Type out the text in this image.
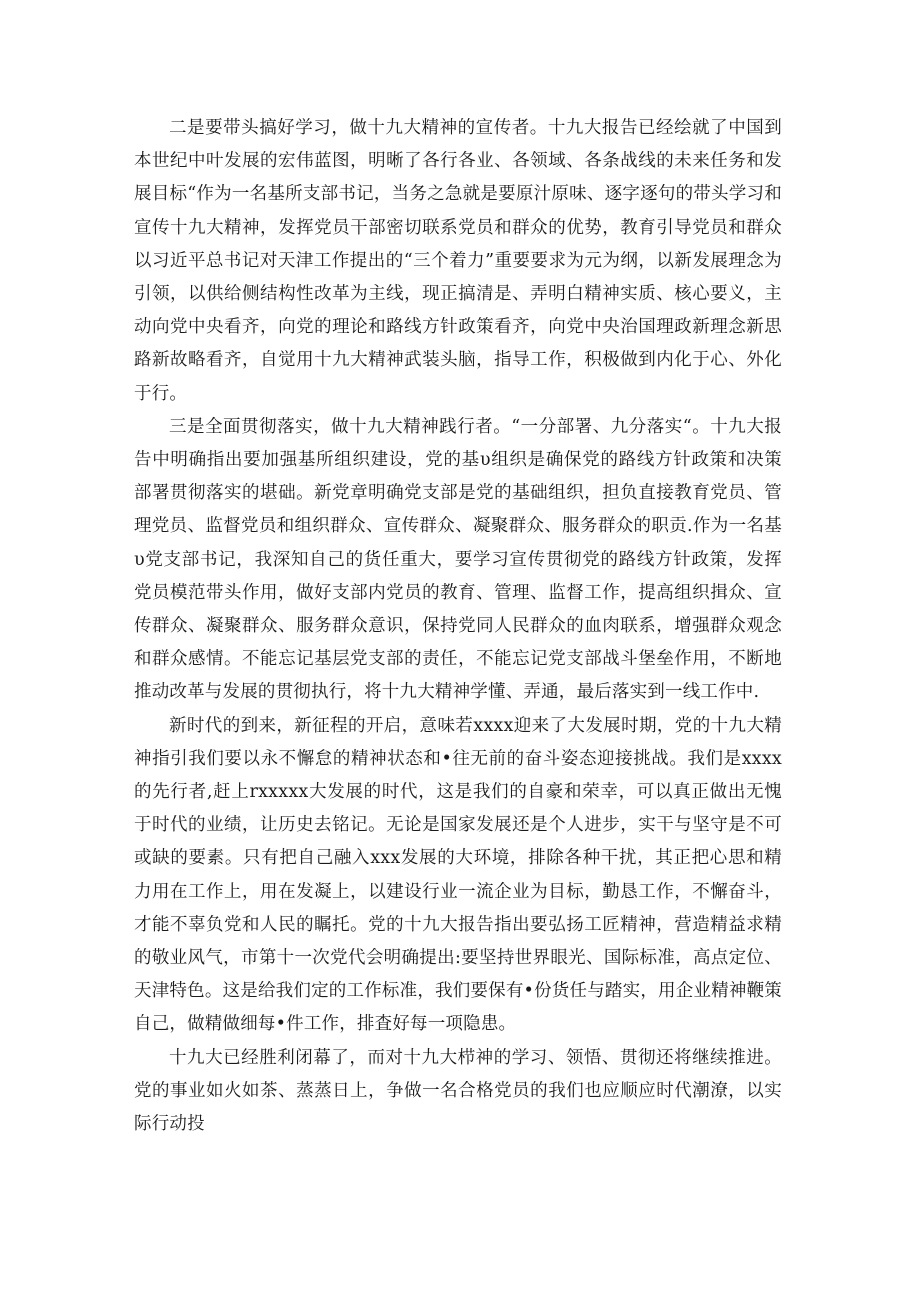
二是要带头搞好学习，做十九大精神的宣传者。十九大报告已经绘就了中国到本世纪中叶发展的宏伟蓝图，明晰了各行各业、各领域、各条战线的未来任务和发展目标“作为一名基所支部书记，当务之急就是要原汁原味、逐字逐句的带头学习和宣传十九大精神，发挥党员干部密切联系党员和群众的优势，教育引导党员和群众以习近平总书记对天津工作提出的“三个着力”重要要求为元为纲，以新发展理念为引领，以供给侧结构性改革为主线，现正搞清是、弄明白精神实质、核心要义，主动向党中央看齐，向党的理论和路线方针政策看齐，向党中央治国理政新理念新思路新故略看齐，自觉用十九大精神武装头脑，指导工作，积极做到内化于心、外化于行。

三是全面贯彻落实，做十九大精神践行者。“一分部署、九分落实“。十九大报告中明确指出要加强基所组织建设，党的基υ组织是确保党的路线方针政策和决策部署贯彻落实的堪础。新党章明确党支部是党的基础组织，担负直接教育党员、管理党员、监督党员和组织群众、宣传群众、凝聚群众、服务群众的职贡.作为一名基υ党支部书记，我深知自己的货任重大，要学习宣传贯彻党的路线方针政策，发挥党员模范带头作用，做好支部内党员的教育、管理、监督工作，提高组织揖众、宣传群众、凝聚群众、服务群众意识，保持党同人民群众的血肉联系，增强群众观念和群众感情。不能忘记基层党支部的责任，不能忘记党支部战斗堡垒作用，不断地推动改革与发展的贯彻执行，将十九大精神学懂、弄通，最后落实到一线工作中.

新时代的到来，新征程的开启，意味若xxxx迎来了大发展时期，党的十九大精神指引我们要以永不懈怠的精神状态和•往无前的奋斗姿态迎接挑战。我们是xxxx的先行者,赶上rxxxxx大发展的时代，这是我们的自豪和荣幸，可以真正做出无愧于时代的业绩，让历史去铭记。无论是国家发展还是个人进步，实干与坚守是不可或缺的要素。只有把自己融入xxx发展的大环境，排除各种干扰，其正把心思和精力用在工作上，用在发凝上，以建设行业一流企业为目标，勤恳工作，不懈奋斗，才能不辜负党和人民的瞩托。党的十九大报告指出要弘扬工匠精神，营造精益求精的敬业风气，市第十一次党代会明确提出:要坚持世界眼光、国际标准，高点定位、天津特色。这是给我们定的工作标准，我们要保有•份货任与踏实，用企业精神鞭策自己，做精做细每•件工作，排査好每一项隐患。

十九大已经胜利闭幕了，而对十九大栉神的学习、领悟、贯彻还将继续推进。党的事业如火如茶、蒸蒸日上，争做一名合格党员的我们也应顺应时代潮潦，以实际行动投
